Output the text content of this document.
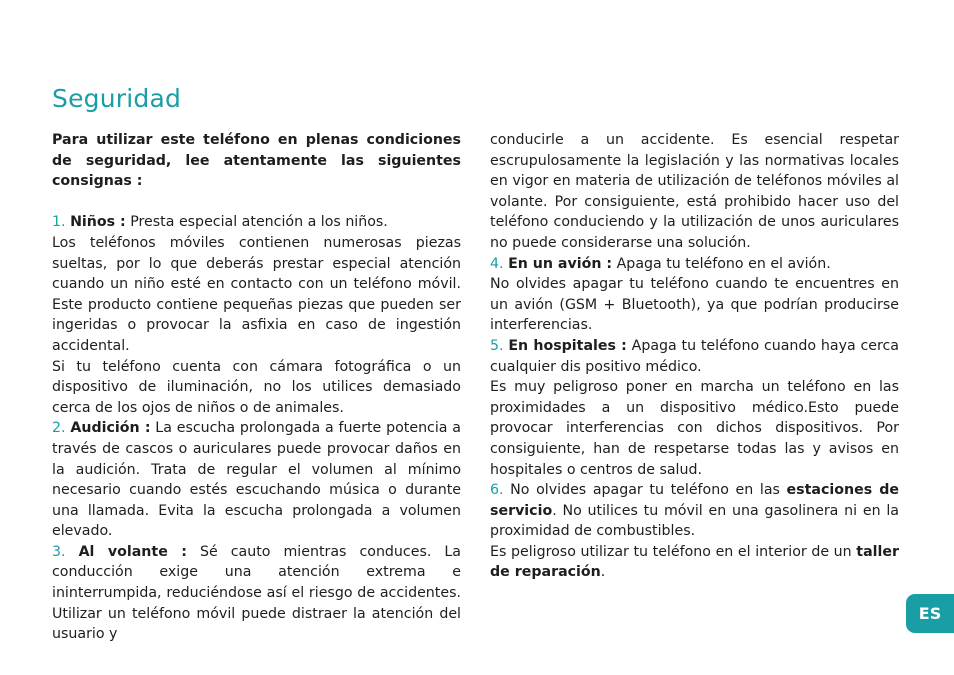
Seguridad

Para utilizar este teléfono en plenas condiciones de seguridad, lee atentamente las siguientes consignas :

1. Niños : Presta especial atención a los niños.

Los teléfonos móviles contienen numerosas piezas sueltas, por lo que deberás prestar especial atención cuando un niño esté en contacto con un teléfono móvil. Este producto contiene pequeñas piezas que pueden ser ingeridas o provocar la asfixia en caso de ingestión accidental.

Si tu teléfono cuenta con cámara fotográfica o un dispositivo de iluminación, no los utilices demasiado cerca de los ojos de niños o de animales.

2. Audición : La escucha prolongada a fuerte potencia a través de cascos o auriculares puede provocar daños en la audición. Trata de regular el volumen al mínimo necesario cuando estés escuchando música o durante una llamada. Evita la escucha prolongada a volumen elevado.

3. Al volante : Sé cauto mientras conduces. La conducción exige una atención extrema e ininterrumpida, reduciéndose así el riesgo de accidentes. Utilizar un teléfono móvil puede distraer la atención del usuario y

conducirle a un accidente. Es esencial respetar escrupulosamente la legislación y las normativas locales en vigor en materia de utilización de teléfonos móviles al volante. Por consiguiente, está prohibido hacer uso del teléfono conduciendo y la utilización de unos auriculares no puede considerarse una solución.

4. En un avión : Apaga tu teléfono en el avión.

No olvides apagar tu teléfono cuando te encuentres en un avión (GSM + Bluetooth), ya que podrían producirse interferencias.

5. En hospitales : Apaga tu teléfono cuando haya cerca cualquier dis positivo médico.

Es muy peligroso poner en marcha un teléfono en las proximidades a un dispositivo médico.Esto puede provocar interferencias con dichos dispositivos. Por consiguiente, han de respetarse todas las y avisos en hospitales o centros de salud.

6. No olvides apagar tu teléfono en las estaciones de servicio. No utilices tu móvil en una gasolinera ni en la proximidad de combustibles.

Es peligroso utilizar tu teléfono en el interior de un taller de reparación.

ES
